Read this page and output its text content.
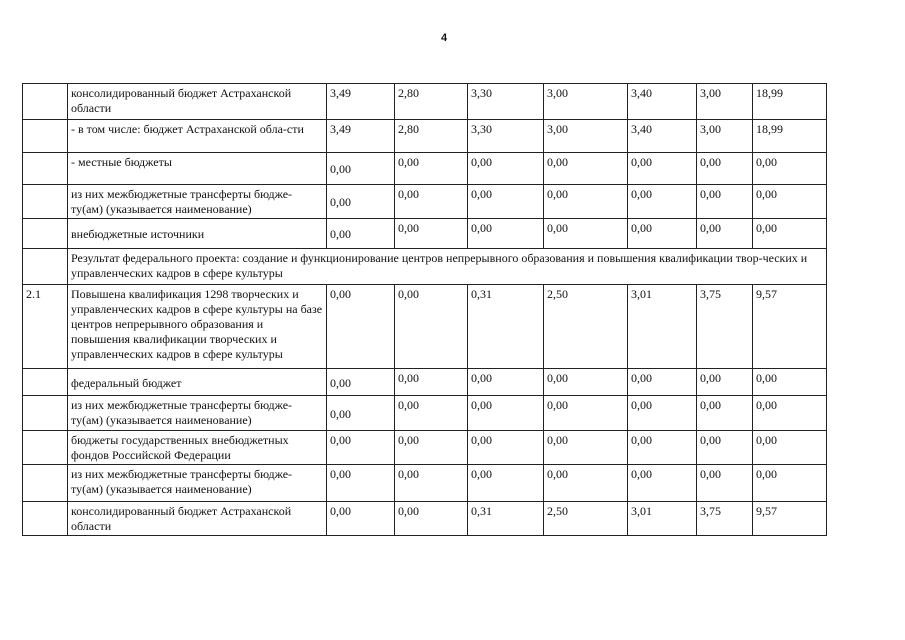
4
	консолидированный бюджет Астраханской области	3,49	2,80	3,30	3,00	3,40	3,00	18,99
	- в том числе: бюджет Астраханской обла-сти	3,49	2,80	3,30	3,00	3,40	3,00	18,99
	- местные бюджеты	0,00	0,00	0,00	0,00	0,00	0,00	0,00
	из них межбюджетные трансферты бюдже-ту(ам) (указывается наименование)	0,00	0,00	0,00	0,00	0,00	0,00	0,00
	внебюджетные источники	0,00	0,00	0,00	0,00	0,00	0,00	0,00
	Результат федерального проекта: создание и функционирование центров непрерывного образования и повышения квалификации твор-ческих и управленческих кадров в сфере культуры							
2.1	Повышена квалификация 1298 творческих и управленческих кадров в сфере культуры на базе центров непрерывного образования и повышения квалификации творческих и управленческих кадров в сфере культуры	0,00	0,00	0,31	2,50	3,01	3,75	9,57
	федеральный бюджет	0,00	0,00	0,00	0,00	0,00	0,00	0,00
	из них межбюджетные трансферты бюдже-ту(ам) (указывается наименование)	0,00	0,00	0,00	0,00	0,00	0,00	0,00
	бюджеты государственных внебюджетных фондов Российской Федерации	0,00	0,00	0,00	0,00	0,00	0,00	0,00
	из них межбюджетные трансферты бюдже-ту(ам) (указывается наименование)	0,00	0,00	0,00	0,00	0,00	0,00	0,00
	консолидированный бюджет Астраханской области	0,00	0,00	0,31	2,50	3,01	3,75	9,57
